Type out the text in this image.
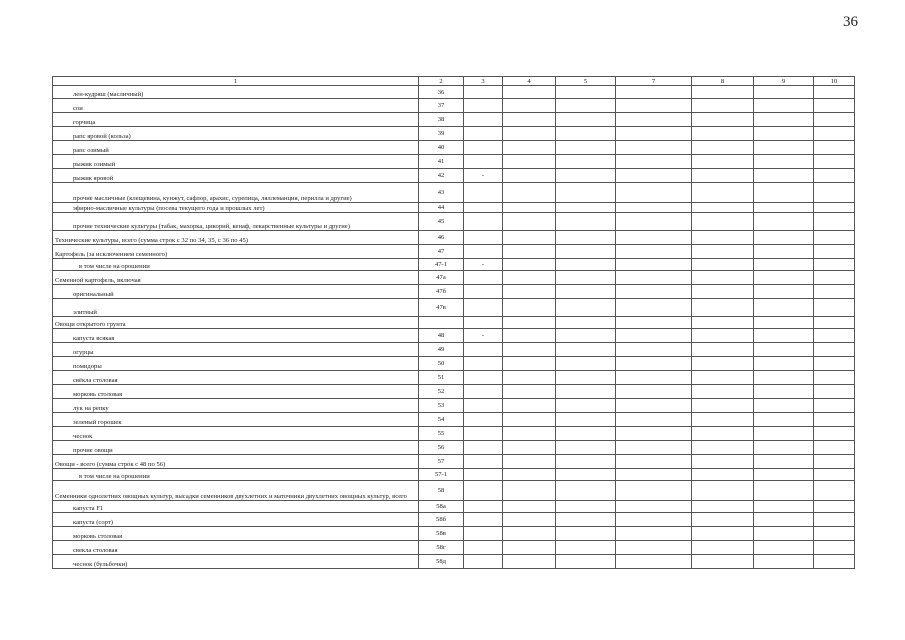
36
1	2	3	4	5	7	8	9	10
лен-кудряш (масличный)	36							
сои	37							
горчица	38							
рапс яровой (кольза)	39							
рапс озимый	40							
рыжик озимый	41							
рыжик яровой	42	-						
прочие масличные (клещевина, кунжут, сафлор, арахис, сурепица, ляллеманция, перилла и другие)	43							
эфирно-масличные культуры (посева текущего года и прошлых лет)	44							
прочие технические культуры (табак, махорка, цикорий, кенаф, лекарственные культуры и другие)	45							
Технические культуры, всего (сумма строк с 32 по 34, 35, с 36 по 45)	46							
Картофель (за исключением семенного)	47							
в том числе на орошении	47-1	-						
Семенной картофель, включая	47а							
оригинальный	47б							
элитный	47в							
Овощи открытого грунта								
капуста всякая	48	-						
огурцы	49							
помидоры	50							
свёкла столовая	51							
морковь столовая	52							
лук на репку	53							
зеленый горошек	54							
чеснок	55							
прочие овощи	56							
Овощи - всего (сумма строк с 48 по 56)	57							
в том числе на орошении	57-1							
Семенники однолетних овощных культур, высадки семенников двухлетних и маточники двухлетних овощных культур, всего	58							
капуста F1	58а							
капуста (сорт)	58б							
морковь столовая	58в							
свекла столовая	58г							
чеснок (бульбочки)	58д							
